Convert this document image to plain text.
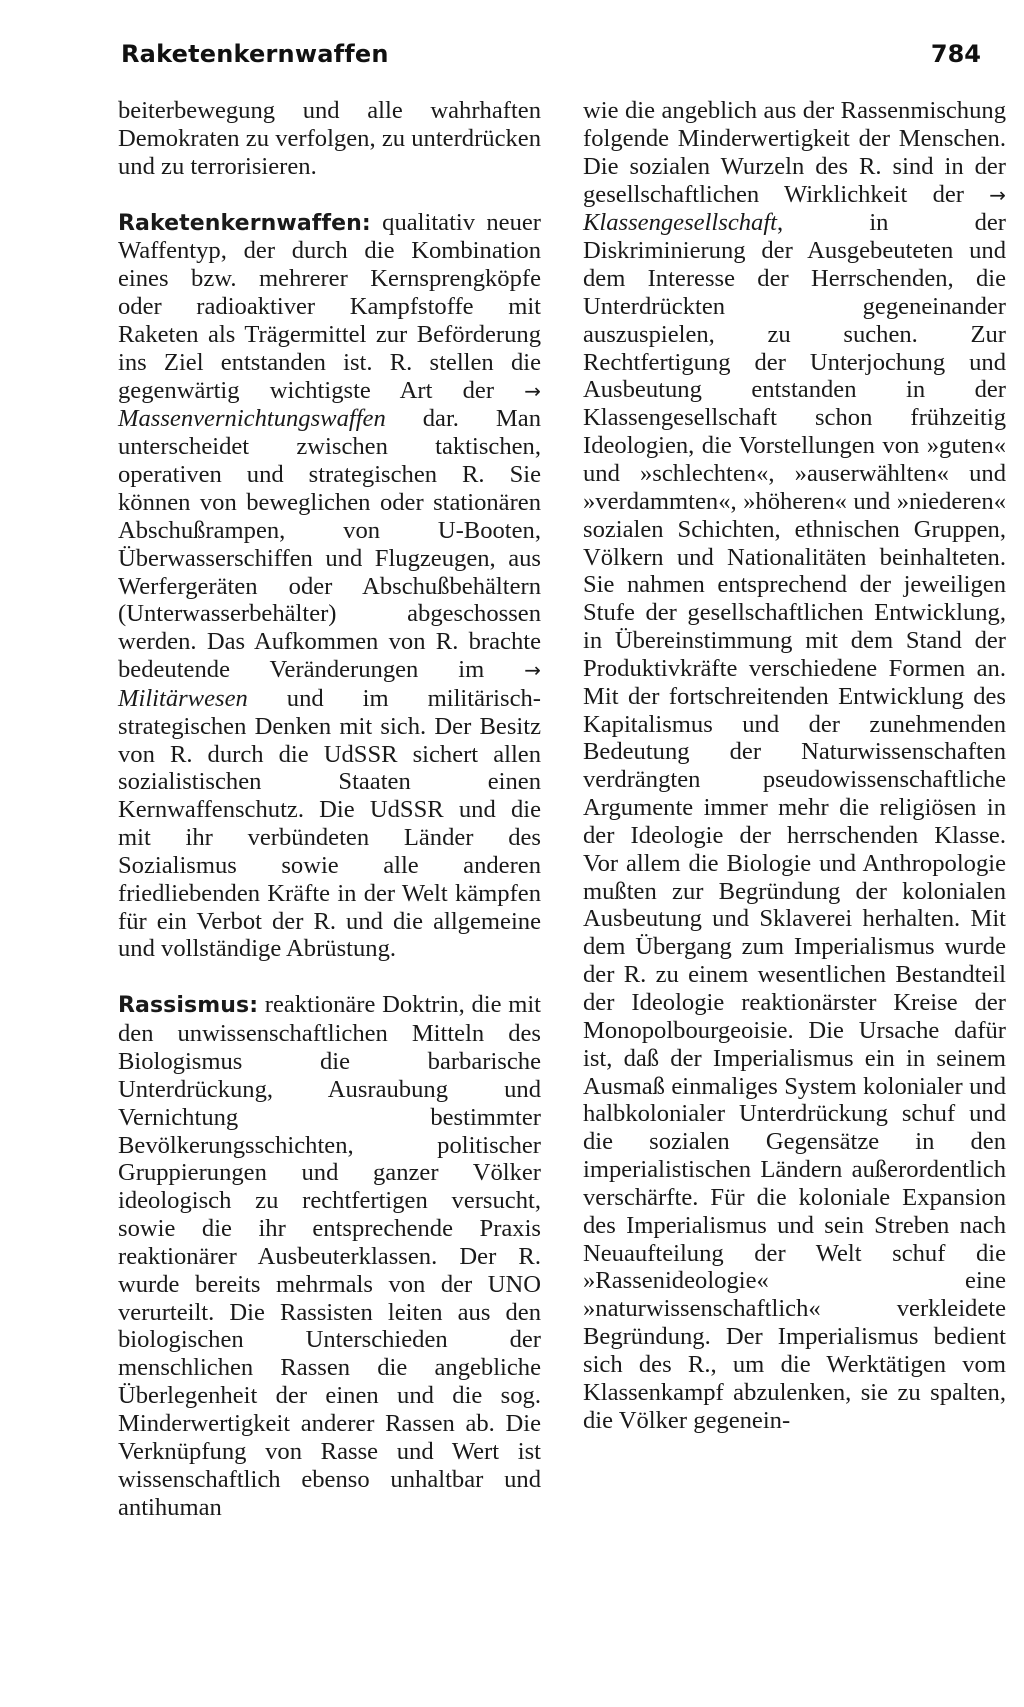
Raketenkernwaffen	784

beiterbewegung und alle wahrhaften Demokraten zu verfolgen, zu unterdrücken und zu terrorisieren.

Raketenkernwaffen: qualitativ neuer Waffentyp, der durch die Kombination eines bzw. mehrerer Kernsprengköpfe oder radioaktiver Kampfstoffe mit Raketen als Trägermittel zur Beförderung ins Ziel entstanden ist. R. stellen die gegenwärtig wichtigste Art der → Massenvernichtungswaffen dar. Man unterscheidet zwischen taktischen, operativen und strategischen R. Sie können von beweglichen oder stationären Abschußrampen, von U-Booten, Überwasserschiffen und Flugzeugen, aus Werfergeräten oder Abschußbehältern (Unterwasserbehälter) abgeschossen werden. Das Aufkommen von R. brachte bedeutende Veränderungen im → Militärwesen und im militärisch-strategischen Denken mit sich. Der Besitz von R. durch die UdSSR sichert allen sozialistischen Staaten einen Kernwaffenschutz. Die UdSSR und die mit ihr verbündeten Länder des Sozialismus sowie alle anderen friedliebenden Kräfte in der Welt kämpfen für ein Verbot der R. und die allgemeine und vollständige Abrüstung.

Rassismus: reaktionäre Doktrin, die mit den unwissenschaftlichen Mitteln des Biologismus die barbarische Unterdrückung, Ausraubung und Vernichtung bestimmter Bevölkerungsschichten, politischer Gruppierungen und ganzer Völker ideologisch zu rechtfertigen versucht, sowie die ihr entsprechende Praxis reaktionärer Ausbeuterklassen. Der R. wurde bereits mehrmals von der UNO verurteilt. Die Rassisten leiten aus den biologischen Unterschieden der menschlichen Rassen die angebliche Überlegenheit der einen und die sog. Minderwertigkeit anderer Rassen ab. Die Verknüpfung von Rasse und Wert ist wissenschaftlich ebenso unhaltbar und antihuman

wie die angeblich aus der Rassenmischung folgende Minderwertigkeit der Menschen. Die sozialen Wurzeln des R. sind in der gesellschaftlichen Wirklichkeit der → Klassengesellschaft, in der Diskriminierung der Ausgebeuteten und dem Interesse der Herrschenden, die Unterdrückten gegeneinander auszuspielen, zu suchen. Zur Rechtfertigung der Unterjochung und Ausbeutung entstanden in der Klassengesellschaft schon frühzeitig Ideologien, die Vorstellungen von »guten« und »schlechten«, »auserwählten« und »verdammten«, »höheren« und »niederen« sozialen Schichten, ethnischen Gruppen, Völkern und Nationalitäten beinhalteten. Sie nahmen entsprechend der jeweiligen Stufe der gesellschaftlichen Entwicklung, in Übereinstimmung mit dem Stand der Produktivkräfte verschiedene Formen an. Mit der fortschreitenden Entwicklung des Kapitalismus und der zunehmenden Bedeutung der Naturwissenschaften verdrängten pseudowissenschaftliche Argumente immer mehr die religiösen in der Ideologie der herrschenden Klasse. Vor allem die Biologie und Anthropologie mußten zur Begründung der kolonialen Ausbeutung und Sklaverei herhalten. Mit dem Übergang zum Imperialismus wurde der R. zu einem wesentlichen Bestandteil der Ideologie reaktionärster Kreise der Monopolbourgeoisie. Die Ursache dafür ist, daß der Imperialismus ein in seinem Ausmaß einmaliges System kolonialer und halbkolonialer Unterdrückung schuf und die sozialen Gegensätze in den imperialistischen Ländern außerordentlich verschärfte. Für die koloniale Expansion des Imperialismus und sein Streben nach Neuaufteilung der Welt schuf die »Rassenideologie« eine »naturwissenschaftlich« verkleidete Begründung. Der Imperialismus bedient sich des R., um die Werktätigen vom Klassenkampf abzulenken, sie zu spalten, die Völker gegenein-
